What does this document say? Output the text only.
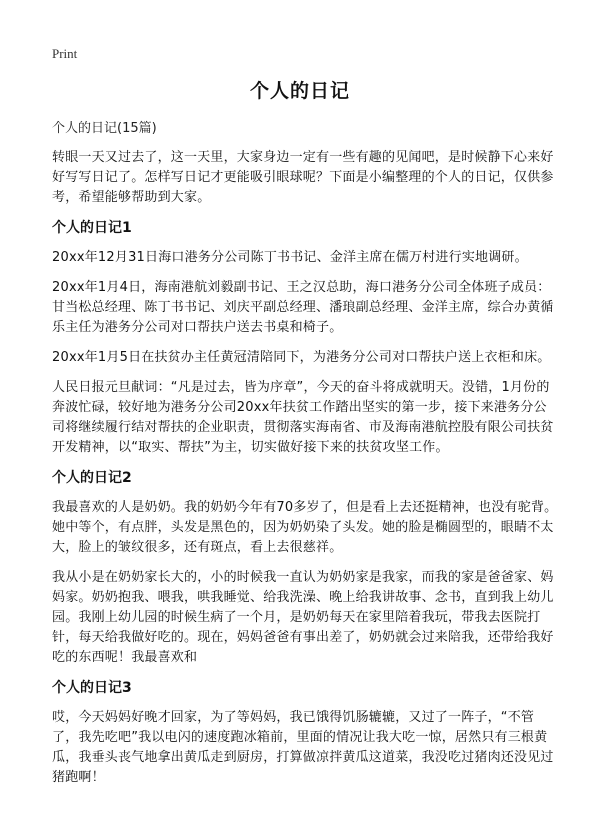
Print
个人的日记
个人的日记(15篇)

转眼一天又过去了，这一天里，大家身边一定有一些有趣的见闻吧，是时候静下心来好好写写日记了。怎样写日记才更能吸引眼球呢？下面是小编整理的个人的日记，仅供参考，希望能够帮助到大家。

个人的日记1

20xx年12月31日海口港务分公司陈丁书书记、金洋主席在儒万村进行实地调研。

20xx年1月4日，海南港航刘毅副书记、王之汉总助，海口港务分公司全体班子成员：甘当松总经理、陈丁书书记、刘庆平副总经理、潘琅副总经理、金洋主席，综合办黄循乐主任为港务分公司对口帮扶户送去书桌和椅子。

20xx年1月5日在扶贫办主任黄冠清陪同下，为港务分公司对口帮扶户送上衣柜和床。

人民日报元旦献词：“凡是过去，皆为序章”，今天的奋斗将成就明天。没错，1月份的奔波忙碌，较好地为港务分公司20xx年扶贫工作踏出坚实的第一步，接下来港务分公司将继续履行结对帮扶的企业职责，贯彻落实海南省、市及海南港航控股有限公司扶贫开发精神，以“取实、帮扶”为主，切实做好接下来的扶贫攻坚工作。

个人的日记2

我最喜欢的人是奶奶。我的奶奶今年有70多岁了，但是看上去还挺精神，也没有驼背。她中等个，有点胖，头发是黑色的，因为奶奶染了头发。她的脸是椭圆型的，眼睛不太大，脸上的皱纹很多，还有斑点，看上去很慈祥。

我从小是在奶奶家长大的，小的时候我一直认为奶奶家是我家，而我的家是爸爸家、妈妈家。奶奶抱我、喂我，哄我睡觉、给我洗澡、晚上给我讲故事、念书，直到我上幼儿园。我刚上幼儿园的时候生病了一个月，是奶奶每天在家里陪着我玩，带我去医院打针，每天给我做好吃的。现在，妈妈爸爸有事出差了，奶奶就会过来陪我，还带给我好吃的东西呢！我最喜欢和

个人的日记3

哎，今天妈妈好晚才回家，为了等妈妈，我已饿得饥肠辘辘，又过了一阵子，“不管了，我先吃吧”我以电闪的速度跑冰箱前，里面的情况让我大吃一惊，居然只有三根黄瓜，我垂头丧气地拿出黄瓜走到厨房，打算做凉拌黄瓜这道菜，我没吃过猪肉还没见过猪跑啊！
